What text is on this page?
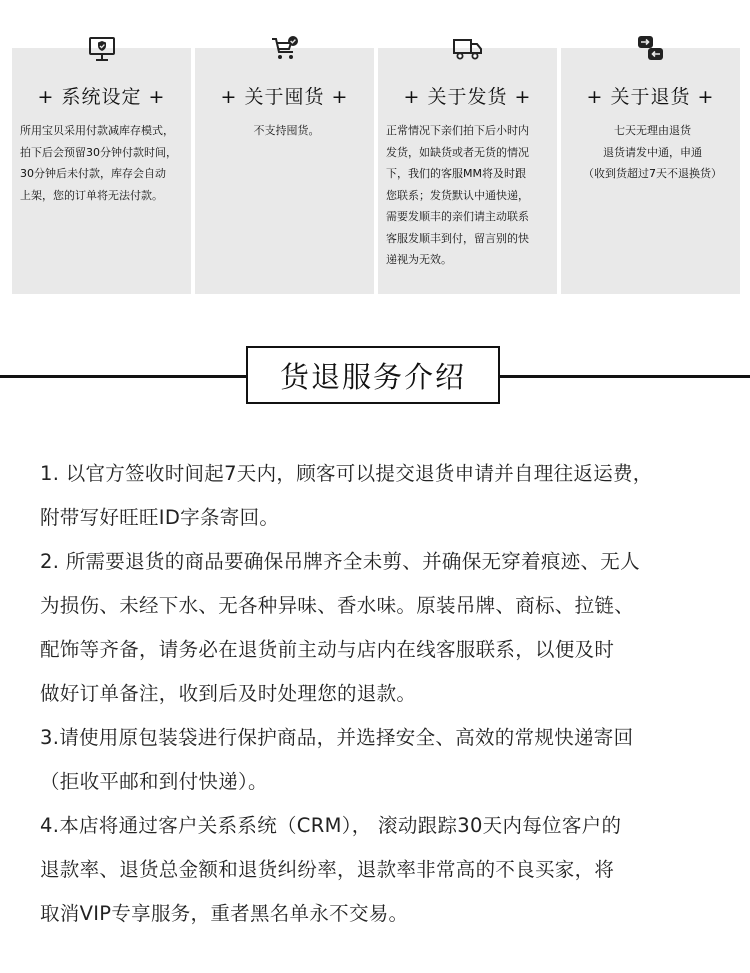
+ 系统设定 +
所用宝贝采用付款减库存模式，
拍下后会预留30分钟付款时间，
30分钟后未付款，库存会自动
上架，您的订单将无法付款。
+ 关于囤货 +
不支持囤货。
+ 关于发货 +
正常情况下亲们拍下后小时内
发货，如缺货或者无货的情况
下，我们的客服MM将及时跟
您联系；发货默认中通快递，
需要发顺丰的亲们请主动联系
客服发顺丰到付，留言别的快
递视为无效。
+ 关于退货 +
七天无理由退货
退货请发中通，申通
（收到货超过7天不退换货）
货退服务介绍
1. 以官方签收时间起7天内，顾客可以提交退货申请并自理往返运费，
附带写好旺旺ID字条寄回。
2. 所需要退货的商品要确保吊牌齐全未剪、并确保无穿着痕迹、无人
为损伤、未经下水、无各种异味、香水味。原装吊牌、商标、拉链、
配饰等齐备，请务必在退货前主动与店内在线客服联系，以便及时
做好订单备注，收到后及时处理您的退款。
3.请使用原包装袋进行保护商品，并选择安全、高效的常规快递寄回
（拒收平邮和到付快递）。
4.本店将通过客户关系系统（CRM）， 滚动跟踪30天内每位客户的
退款率、退货总金额和退货纠纷率，退款率非常高的不良买家，将
取消VIP专享服务，重者黑名单永不交易。
